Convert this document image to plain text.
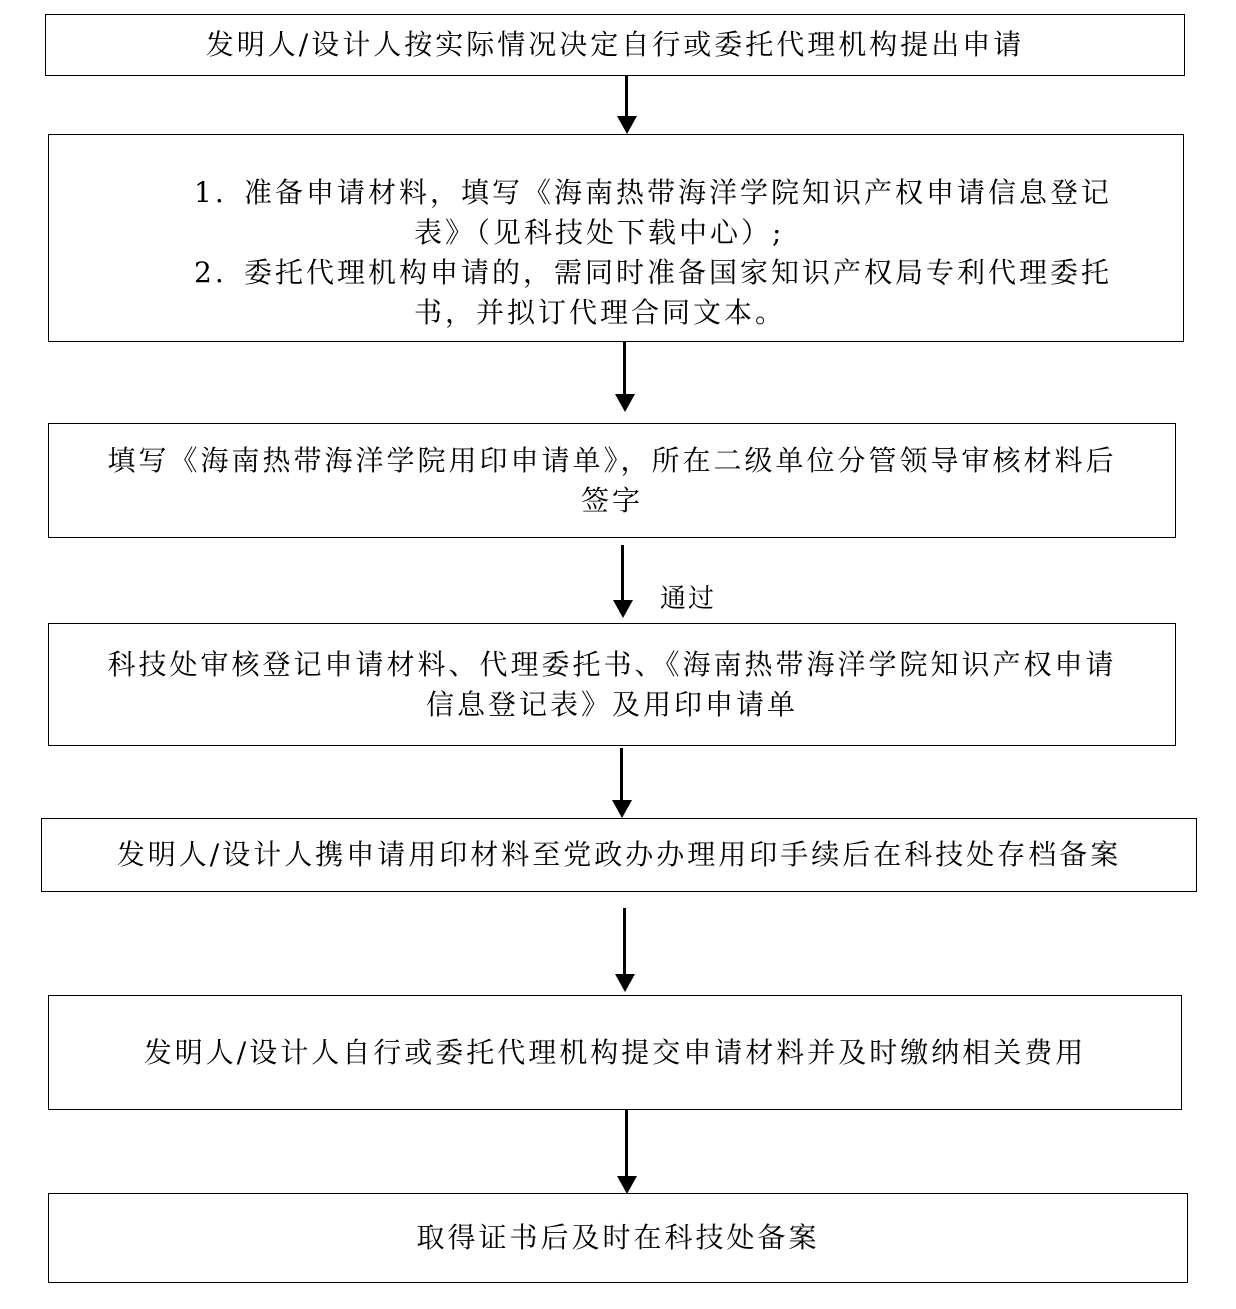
发明人/设计人按实际情况决定自行或委托代理机构提出申请
1. 准备申请材料，填写《海南热带海洋学院知识产权申请信息登记
表》（见科技处下载中心）;
2. 委托代理机构申请的，需同时准备国家知识产权局专利代理委托
书，并拟订代理合同文本。
填写《海南热带海洋学院用印申请单》，所在二级单位分管领导审核材料后
签字
通过
科技处审核登记申请材料、代理委托书、《海南热带海洋学院知识产权申请
信息登记表》及用印申请单
发明人/设计人携申请用印材料至党政办办理用印手续后在科技处存档备案
发明人/设计人自行或委托代理机构提交申请材料并及时缴纳相关费用
取得证书后及时在科技处备案
